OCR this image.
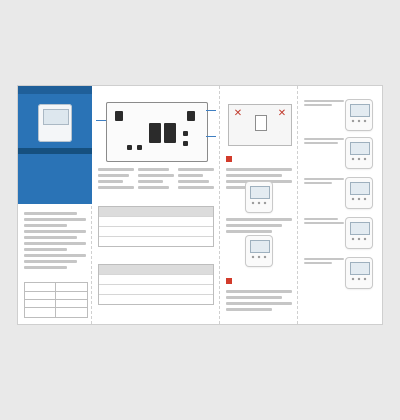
✕	✕
